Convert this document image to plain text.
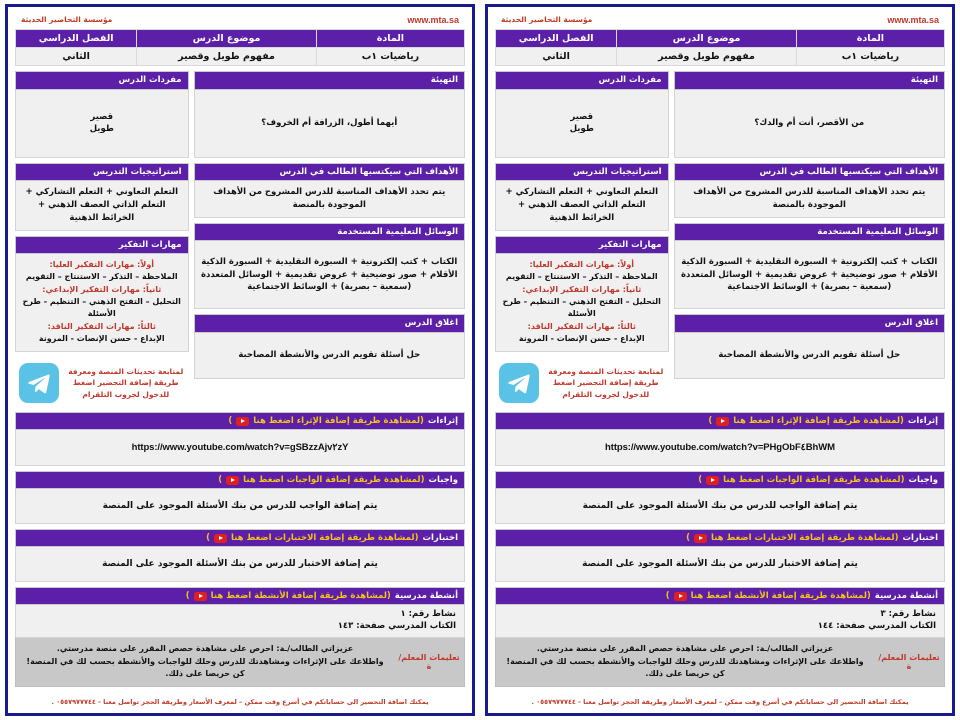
مؤسسة التحاضير الحديثة	www.mta.sa
المادة	موضوع الدرس	الفصل الدراسي
رياضيات ١ب	مفهوم طويل وقصير	الثاني
التهيئة
من الأقصر، أنت أم والدك؟
الأهداف التي سيكتسبها الطالب في الدرس
يتم تحدد الأهداف المناسبة للدرس المشروح من الأهداف الموجودة بالمنصة
الوسائل التعليمية المستخدمة
الكتاب + كتب إلكترونية + السبورة التقليدية + السبورة الذكية الأقلام + صور توضيحية + عروض تقديمية + الوسائل المتعددة (سمعية – بصرية) + الوسائط الاجتماعية
اغلاق الدرس
حل أسئلة تقويم الدرس والأنشطة المصاحبة
مفردات الدرس
قصير
طويل
استراتيجيات التدريس
التعلم التعاوني + التعلم التشاركي + التعلم الذاتي العصف الذهني + الخرائط الذهنية
مهارات التفكير
أولاً: مهارات التفكير العليا:
الملاحظة – التذكر – الاستنتاج – التقويم
ثانياً: مهارات التفكير الإبداعي:
التحليل – التفتح الذهني – التنظيم - طرح الأسئلة
ثالثاً: مهارات التفكير الناقد:
الإبداع - حسن الإنصات - المرونة
لمتابعة تحديثات المنصة ومعرفة طريقة إضافة التحضير اضغط للدخول لجروب التلقرام
إثراءات
(لمشاهدة طريقة إضافة الإثراء اضغط هنا
)
https://www.youtube.com/watch?v=PHgObF٤BhWM
واجبات
(لمشاهدة طريقة إضافة الواجبات اضغط هنا
)
يتم إضافة الواجب للدرس من بنك الأسئلة الموجود على المنصة
اختبارات
(لمشاهدة طريقة إضافة الاختبارات اضغط هنا
)
يتم إضافة الاختبار للدرس من بنك الأسئلة الموجود على المنصة
أنشطة مدرسية
(لمشاهدة طريقة إضافة الأنشطة اضغط هنا
)
نشاط رقم: ٣
الكتاب المدرسي صفحة: ١٤٤
تعليمات المعلم/ة
عزيزاتي الطالب/ـة: احرص على مشاهدة حصص المقرر على منصة مدرستي.
واطلاعك على الإثراءات ومشاهدتك للدرس وحلك للواجبات والأنشطة بحسب لك في المنصة! كن حريصا على ذلك.
يمكنك اضافة التحضير الى حساباتكم في أسرع وقت ممكن – لمعرف الأسعار وطريقة الحجز تواصل معنا - ٠٥٥٧٩٧٧٧٤٤ .
مؤسسة التحاضير الحديثة	www.mta.sa
المادة	موضوع الدرس	الفصل الدراسي
رياضيات ١ب	مفهوم طويل وقصير	الثاني
التهيئة
أيهما أطول، الزرافة أم الخروف؟
الأهداف التي سيكتسبها الطالب في الدرس
يتم تحدد الأهداف المناسبة للدرس المشروح من الأهداف الموجودة بالمنصة
الوسائل التعليمية المستخدمة
الكتاب + كتب إلكترونية + السبورة التقليدية + السبورة الذكية الأقلام + صور توضيحية + عروض تقديمية + الوسائل المتعددة (سمعية – بصرية) + الوسائط الاجتماعية
اغلاق الدرس
حل أسئلة تقويم الدرس والأنشطة المصاحبة
مفردات الدرس
قصير
طويل
استراتيجيات التدريس
التعلم التعاوني + التعلم التشاركي + التعلم الذاتي العصف الذهني + الخرائط الذهنية
مهارات التفكير
أولاً: مهارات التفكير العليا:
الملاحظة – التذكر – الاستنتاج – التقويم
ثانياً: مهارات التفكير الإبداعي:
التحليل – التفتح الذهني – التنظيم - طرح الأسئلة
ثالثاً: مهارات التفكير الناقد:
الإبداع - حسن الإنصات - المرونة
لمتابعة تحديثات المنصة ومعرفة طريقة إضافة التحضير اضغط للدخول لجروب التلقرام
إثراءات
(لمشاهدة طريقة إضافة الإثراء اضغط هنا
)
https://www.youtube.com/watch?v=gSBzzAjv٢zY
واجبات
(لمشاهدة طريقة إضافة الواجبات اضغط هنا
)
يتم إضافة الواجب للدرس من بنك الأسئلة الموجود على المنصة
اختبارات
(لمشاهدة طريقة إضافة الاختبارات اضغط هنا
)
يتم إضافة الاختبار للدرس من بنك الأسئلة الموجود على المنصة
أنشطة مدرسية
(لمشاهدة طريقة إضافة الأنشطة اضغط هنا
)
نشاط رقم: ١
الكتاب المدرسي صفحة: ١٤٣
تعليمات المعلم/ة
عزيزاتي الطالب/ـة: احرص على مشاهدة حصص المقرر على منصة مدرستي.
واطلاعك على الإثراءات ومشاهدتك للدرس وحلك للواجبات والأنشطة بحسب لك في المنصة! كن حريصا على ذلك.
يمكنك اضافة التحضير الى حساباتكم في أسرع وقت ممكن – لمعرف الأسعار وطريقة الحجز تواصل معنا - ٠٥٥٧٩٧٧٧٤٤ .
